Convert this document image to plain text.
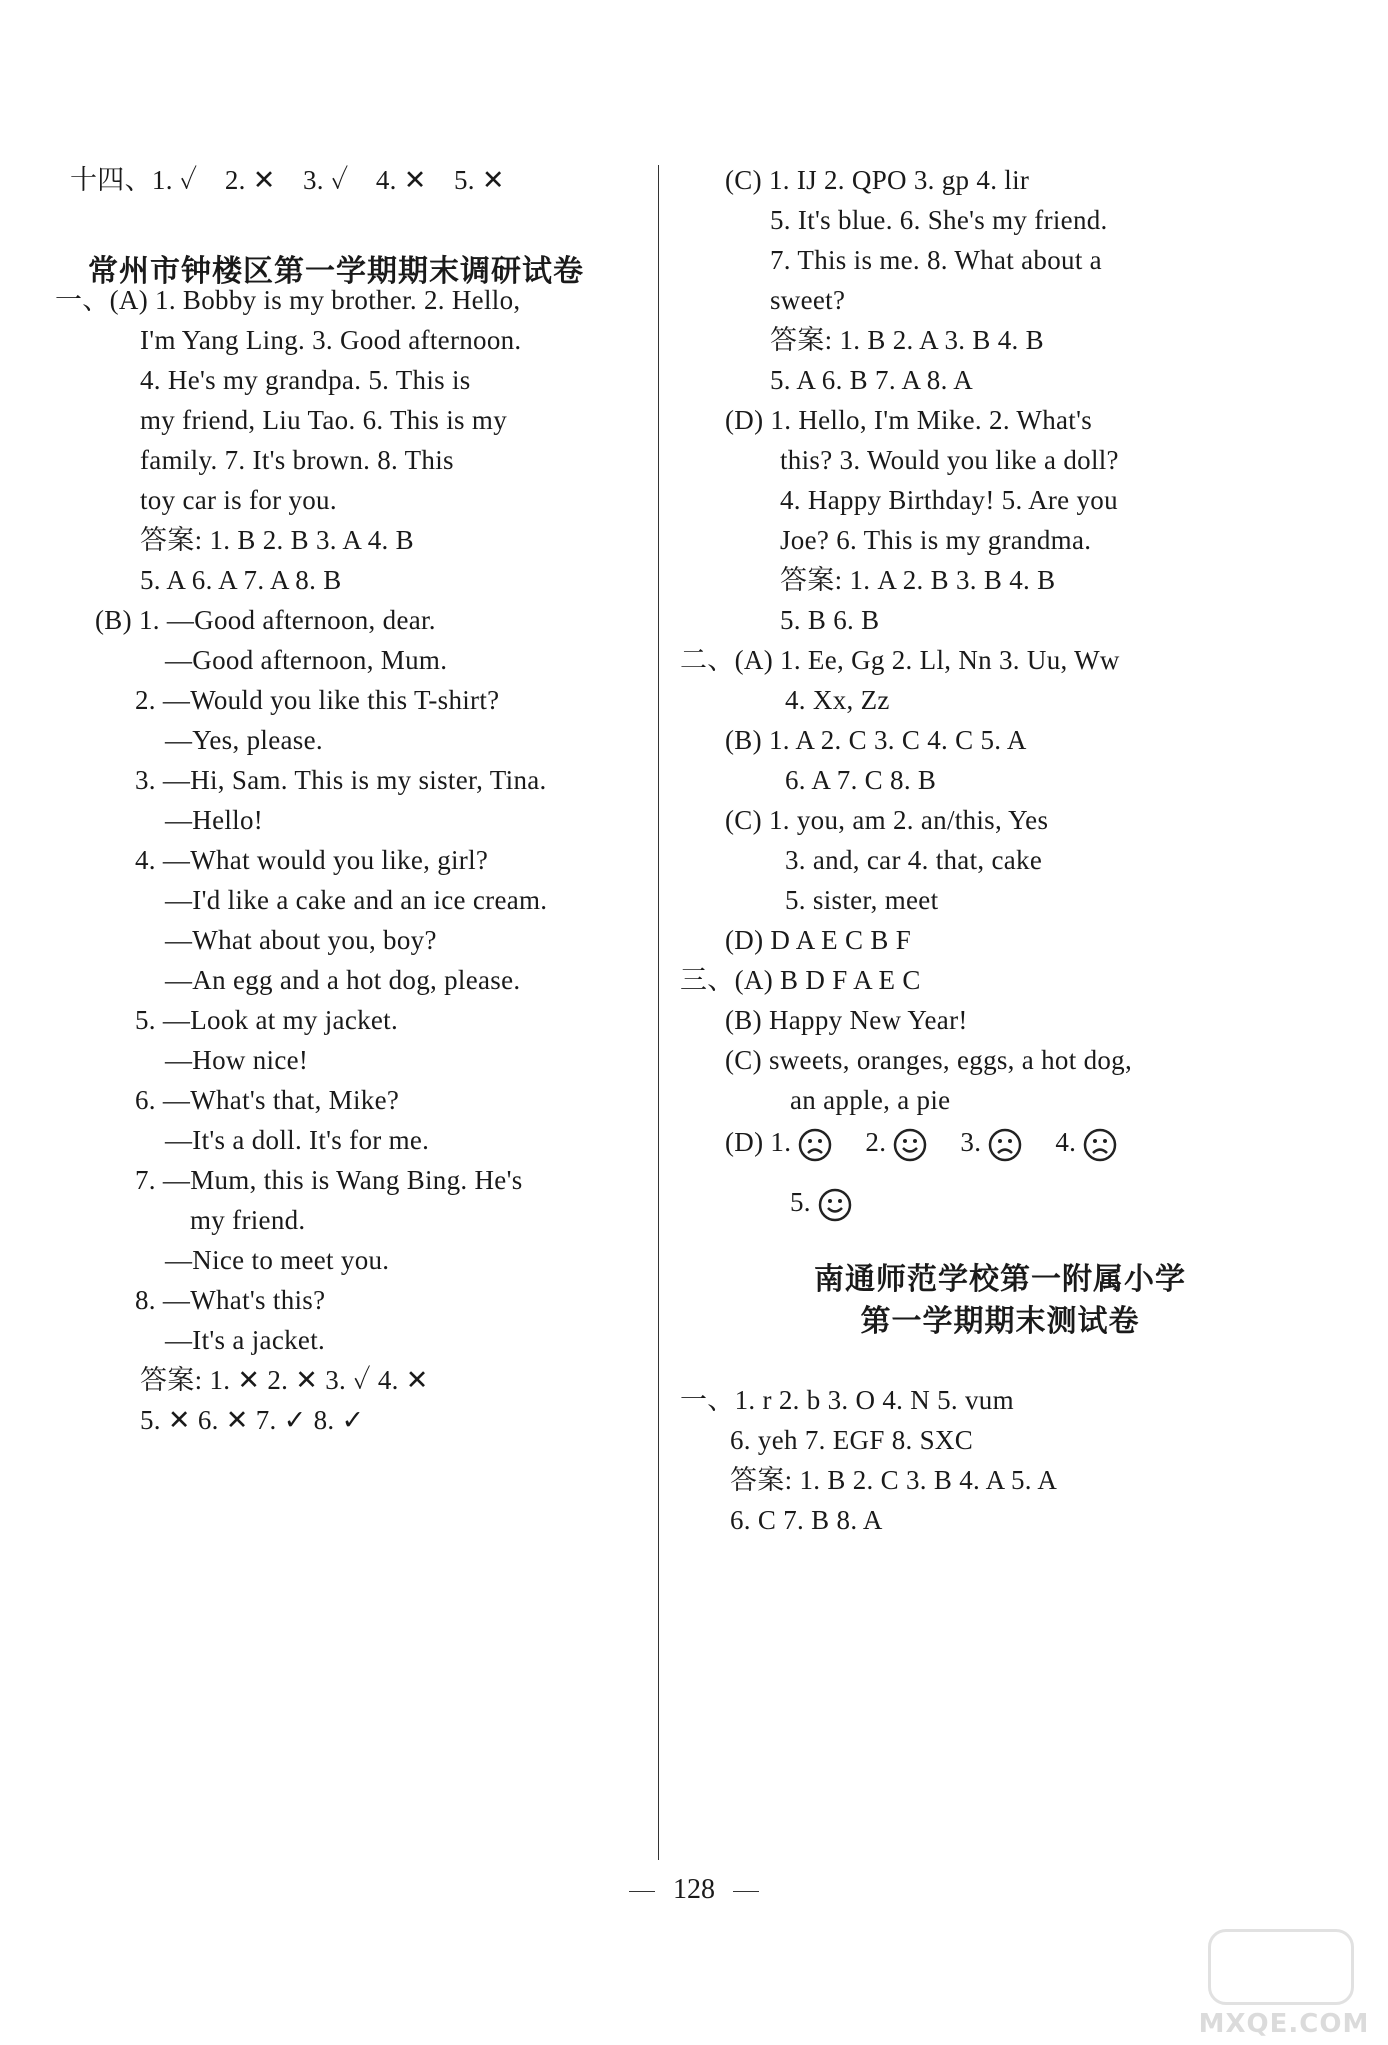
十四、1. ✓　2. ✕　3. ✓　4. ✕　5. ✕
常州市钟楼区第一学期期末调研试卷
一、(A) 1. Bobby is my brother. 2. Hello,
I'm Yang Ling. 3. Good afternoon.
4. He's my grandpa. 5. This is
my friend, Liu Tao. 6. This is my
family. 7. It's brown. 8. This
toy car is for you.
答案: 1. B 2. B 3. A 4. B
5. A 6. A 7. A 8. B
(B) 1. —Good afternoon, dear.
—Good afternoon, Mum.
2. —Would you like this T-shirt?
—Yes, please.
3. —Hi, Sam. This is my sister, Tina.
—Hello!
4. —What would you like, girl?
—I'd like a cake and an ice cream.
—What about you, boy?
—An egg and a hot dog, please.
5. —Look at my jacket.
—How nice!
6. —What's that, Mike?
—It's a doll. It's for me.
7. —Mum, this is Wang Bing. He's
my friend.
—Nice to meet you.
8. —What's this?
—It's a jacket.
答案: 1. ✕ 2. ✕ 3. ✓ 4. ✕
5. ✕ 6. ✕ 7. ✓ 8. ✓
(C) 1. IJ 2. QPO 3. gp 4. lir
5. It's blue. 6. She's my friend.
7. This is me. 8. What about a
sweet?
答案: 1. B 2. A 3. B 4. B
5. A 6. B 7. A 8. A
(D) 1. Hello, I'm Mike. 2. What's
this? 3. Would you like a doll?
4. Happy Birthday! 5. Are you
Joe? 6. This is my grandma.
答案: 1. A 2. B 3. B 4. B
5. B 6. B
二、(A) 1. Ee, Gg 2. Ll, Nn 3. Uu, Ww
4. Xx, Zz
(B) 1. A 2. C 3. C 4. C 5. A
6. A 7. C 8. B
(C) 1. you, am 2. an/this, Yes
3. and, car 4. that, cake
5. sister, meet
(D) D A E C B F
三、(A) B D F A E C
(B) Happy New Year!
(C) sweets, oranges, eggs, a hot dog,
an apple, a pie
(D) 1.	2.	3.	4.
5.
南通师范学校第一附属小学
第一学期期末测试卷
一、1. r 2. b 3. O 4. N 5. vum
6. yeh 7. EGF 8. SXC
答案: 1. B 2. C 3. B 4. A 5. A
6. C 7. B 8. A
128
MXQE.COM
